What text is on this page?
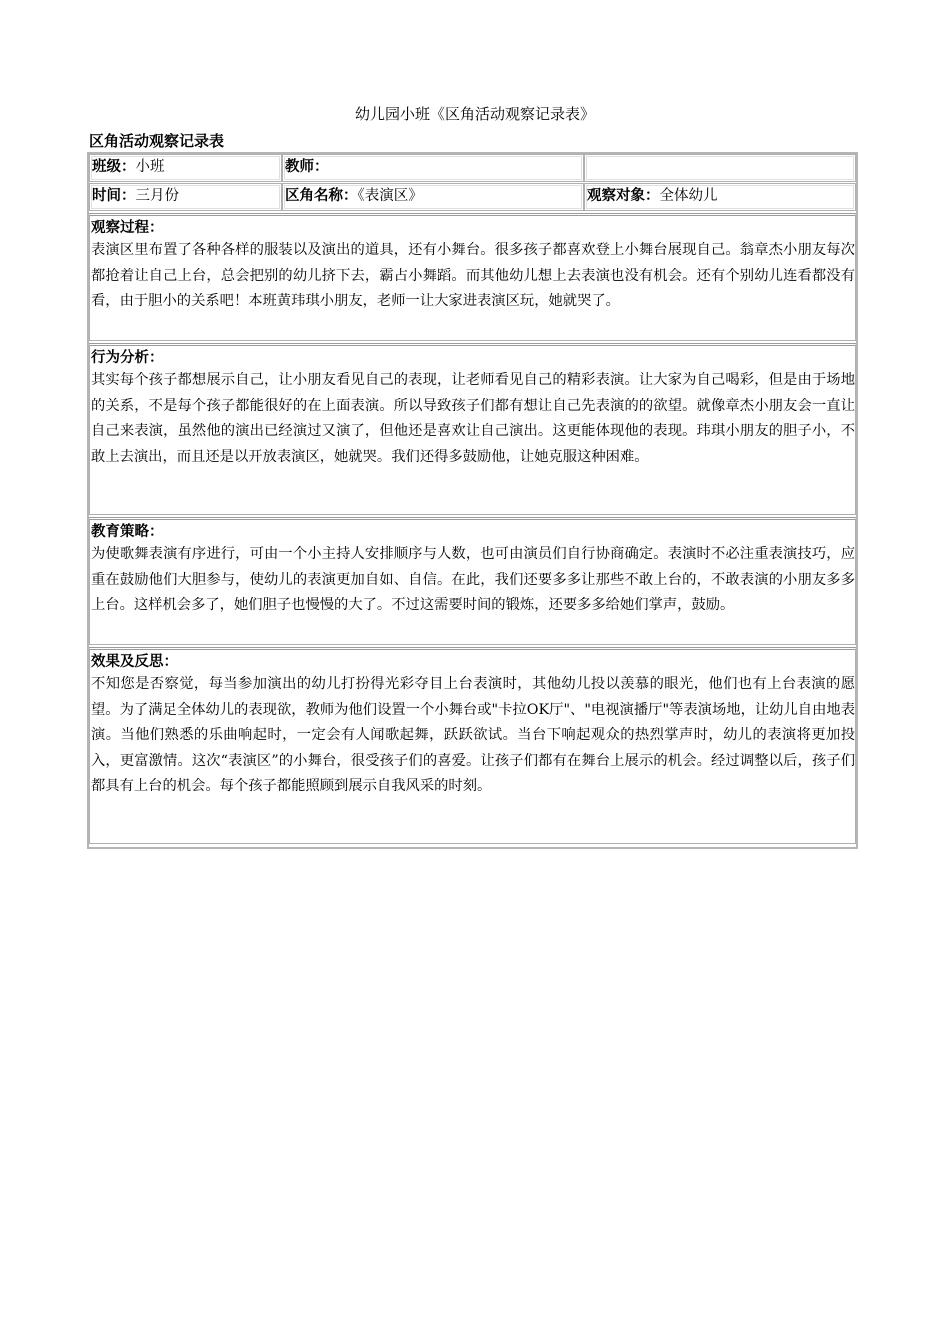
幼儿园小班《区角活动观察记录表》
区角活动观察记录表
班级：小班	教师：
时间：三月份	区角名称：《表演区》	观察对象：全体幼儿
观察过程：
表演区里布置了各种各样的服装以及演出的道具，还有小舞台。很多孩子都喜欢登上小舞台展现自己。翁章杰小朋友每次都抢着让自己上台，总会把别的幼儿挤下去，霸占小舞蹈。而其他幼儿想上去表演也没有机会。还有个别幼儿连看都没有看，由于胆小的关系吧！本班黄玮琪小朋友，老师一让大家进表演区玩，她就哭了。
行为分析：
其实每个孩子都想展示自己，让小朋友看见自己的表现，让老师看见自己的精彩表演。让大家为自己喝彩，但是由于场地的关系，不是每个孩子都能很好的在上面表演。所以导致孩子们都有想让自己先表演的的欲望。就像章杰小朋友会一直让自己来表演，虽然他的演出已经演过又演了，但他还是喜欢让自己演出。这更能体现他的表现。玮琪小朋友的胆子小，不敢上去演出，而且还是以开放表演区，她就哭。我们还得多鼓励他，让她克服这种困难。
教育策略：
为使歌舞表演有序进行，可由一个小主持人安排顺序与人数，也可由演员们自行协商确定。表演时不必注重表演技巧，应重在鼓励他们大胆参与，使幼儿的表演更加自如、自信。在此，我们还要多多让那些不敢上台的，不敢表演的小朋友多多上台。这样机会多了，她们胆子也慢慢的大了。不过这需要时间的锻炼，还要多多给她们掌声，鼓励。
效果及反思：
不知您是否察觉，每当参加演出的幼儿打扮得光彩夺目上台表演时，其他幼儿投以羡慕的眼光，他们也有上台表演的愿望。为了满足全体幼儿的表现欲，教师为他们设置一个小舞台或"卡拉OK厅"、"电视演播厅"等表演场地，让幼儿自由地表演。当他们熟悉的乐曲响起时，一定会有人闻歌起舞，跃跃欲试。当台下响起观众的热烈掌声时，幼儿的表演将更加投入，更富激情。这次“表演区”的小舞台，很受孩子们的喜爱。让孩子们都有在舞台上展示的机会。经过调整以后，孩子们都具有上台的机会。每个孩子都能照顾到展示自我风采的时刻。
